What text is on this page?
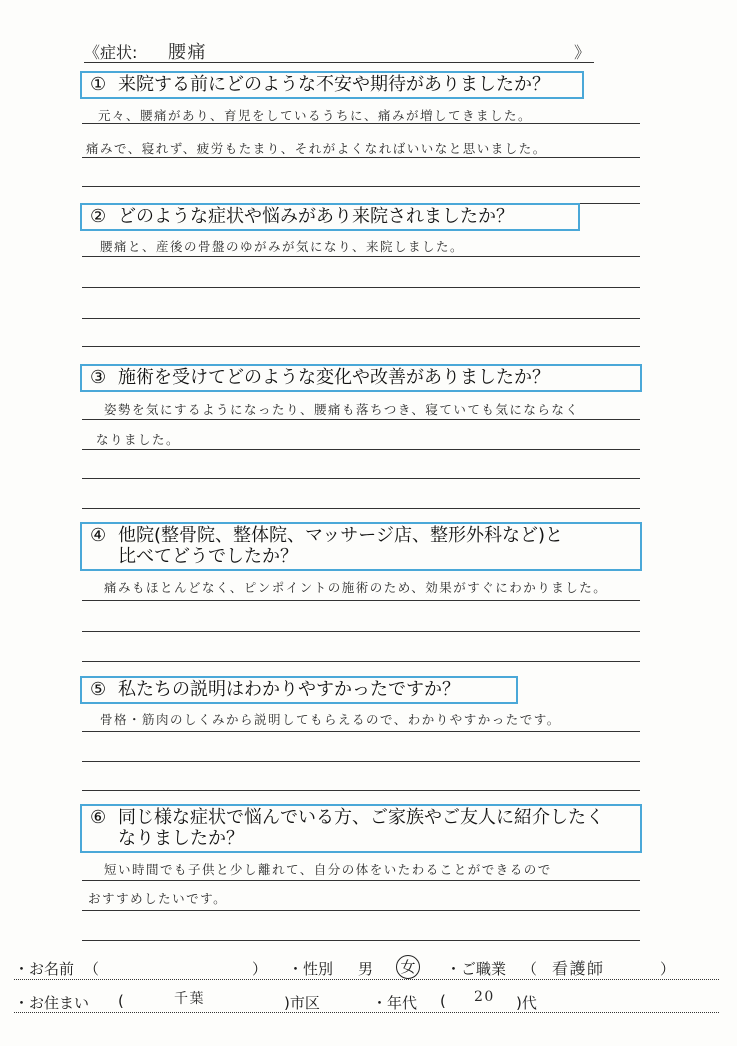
《症状: 腰痛	》
① 来院する前にどのような不安や期待がありましたか？
元々、腰痛があり、育児をしているうちに、痛みが増してきました。
痛みで、寝れず、疲労もたまり、それがよくなればいいなと思いました。
② どのような症状や悩みがあり来院されましたか？
腰痛と、産後の骨盤のゆがみが気になり、来院しました。
③ 施術を受けてどのような変化や改善がありましたか？
姿勢を気にするようになったり、腰痛も落ちつき、寝ていても気にならなく
なりました。
④ 他院(整骨院、整体院、マッサージ店、整形外科など)と
比べてどうでしたか？
痛みもほとんどなく、ピンポイントの施術のため、効果がすぐにわかりました。
⑤ 私たちの説明はわかりやすかったですか？
骨格・筋肉のしくみから説明してもらえるので、わかりやすかったです。
⑥ 同じ様な症状で悩んでいる方、ご家族やご友人に紹介したく
なりましたか？
短い時間でも子供と少し離れて、自分の体をいたわることができるので
おすすめしたいです。
・お名前 （	） ・性別 男 女	・ご職業 （ 看護師	）
・お住まい (	千葉	)市区	・年代 ( 20 )代
